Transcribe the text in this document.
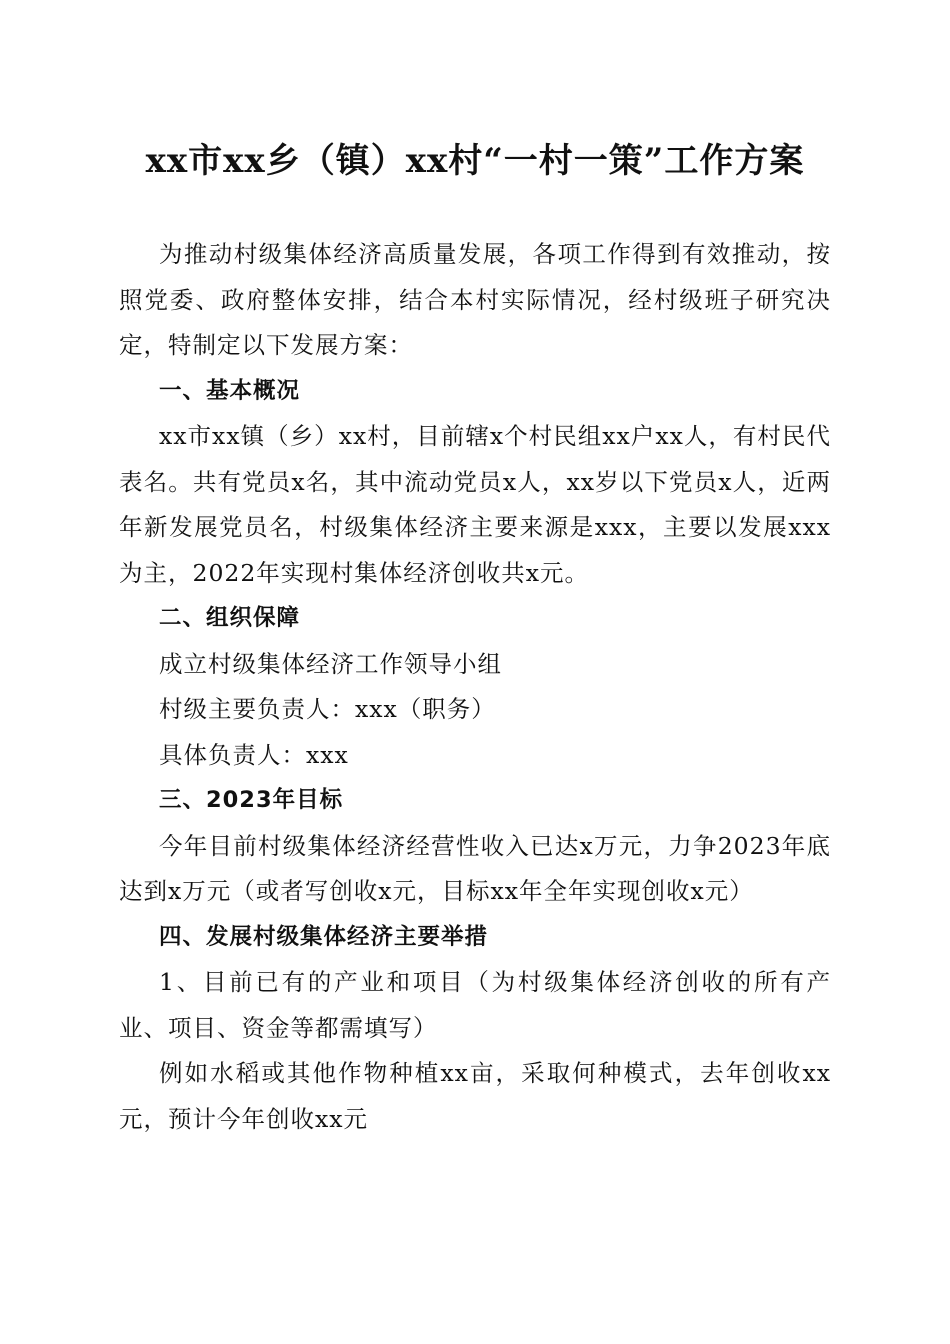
xx市xx乡（镇）xx村“一村一策”工作方案

为推动村级集体经济高质量发展，各项工作得到有效推动，按照党委、政府整体安排，结合本村实际情况，经村级班子研究决定，特制定以下发展方案：

一、基本概况

xx市xx镇（乡）xx村，目前辖x个村民组xx户xx人，有村民代表名。共有党员x名，其中流动党员x人，xx岁以下党员x人，近两年新发展党员名，村级集体经济主要来源是xxx，主要以发展xxx为主，2022年实现村集体经济创收共x元。

二、组织保障

成立村级集体经济工作领导小组

村级主要负责人：xxx（职务）

具体负责人：xxx

三、2023年目标

今年目前村级集体经济经营性收入已达x万元，力争2023年底达到x万元（或者写创收x元，目标xx年全年实现创收x元）

四、发展村级集体经济主要举措

1、目前已有的产业和项目（为村级集体经济创收的所有产业、项目、资金等都需填写）

例如水稻或其他作物种植xx亩，采取何种模式，去年创收xx元，预计今年创收xx元
